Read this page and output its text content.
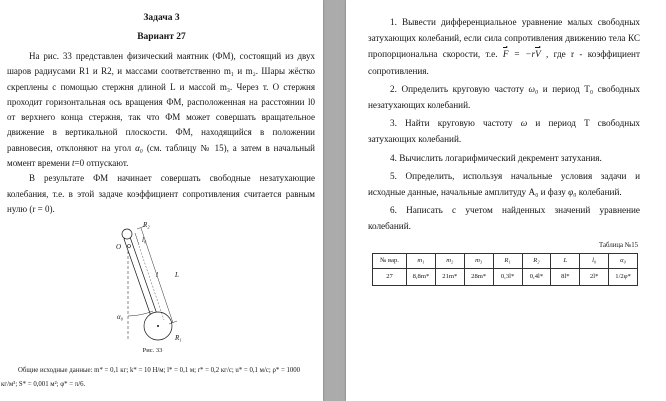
Задача 3

Вариант 27

На рис. 33 представлен физический маятник (ФМ), состоящий из двух шаров радиусами R1 и R2, и массами соответственно m₁ и m₂. Шары жёстко скреплены с помощью стержня длиной L и массой m₃. Через т. О стержня проходит горизонтальная ось вращения ФМ, расположенная на расстоянии l0 от верхнего конца стержня, так что ФМ может совершать вращательное движение в вертикальной плоскости. ФМ, находящийся в положении равновесия, отклоняют на угол α₀ (см. таблицу № 15), а затем в начальный момент времени t=0 отпускают.

В результате ФМ начинает совершать свободные незатухающие колебания, т.е. в этой задаче коэффициент сопротивления считается равным нулю (r = 0).

R₂
O
l₀
l L
α₀
R₁

Рис. 33

Общие исходные данные: m* = 0,1 кг; k* = 10 Н/м; l* = 0,1 м; r* = 0,2 кг/с; u* = 0,1 м/с; ρ* = 1000 кг/м³; S* = 0,001 м²; φ* = π/6.

1. Вывести дифференциальное уравнение малых свободных затухающих колебаний, если сила сопротивления движению тела КС пропорциональна скорости, т.е. F = −rV , где r - коэффициент сопротивления.

2. Определить круговую частоту ω₀ и период T₀ свободных незатухающих колебаний.

3. Найти круговую частоту ω и период T свободных затухающих колебаний.

4. Вычислить логарифмический декремент затухания.

5. Определить, используя начальные условия задачи и исходные данные, начальные амплитуду A₀ и фазу φ₀ колебаний.

6. Написать с учетом найденных значений уравнение колебаний.

Таблица №15

№ вар.	m₁	m₂	m₃	R₁	R₂	L	l₀	α₀
27	8,8m*	21m*	28m*	0,3l*	0,4l*	8l*	2l*	1/2φ*
